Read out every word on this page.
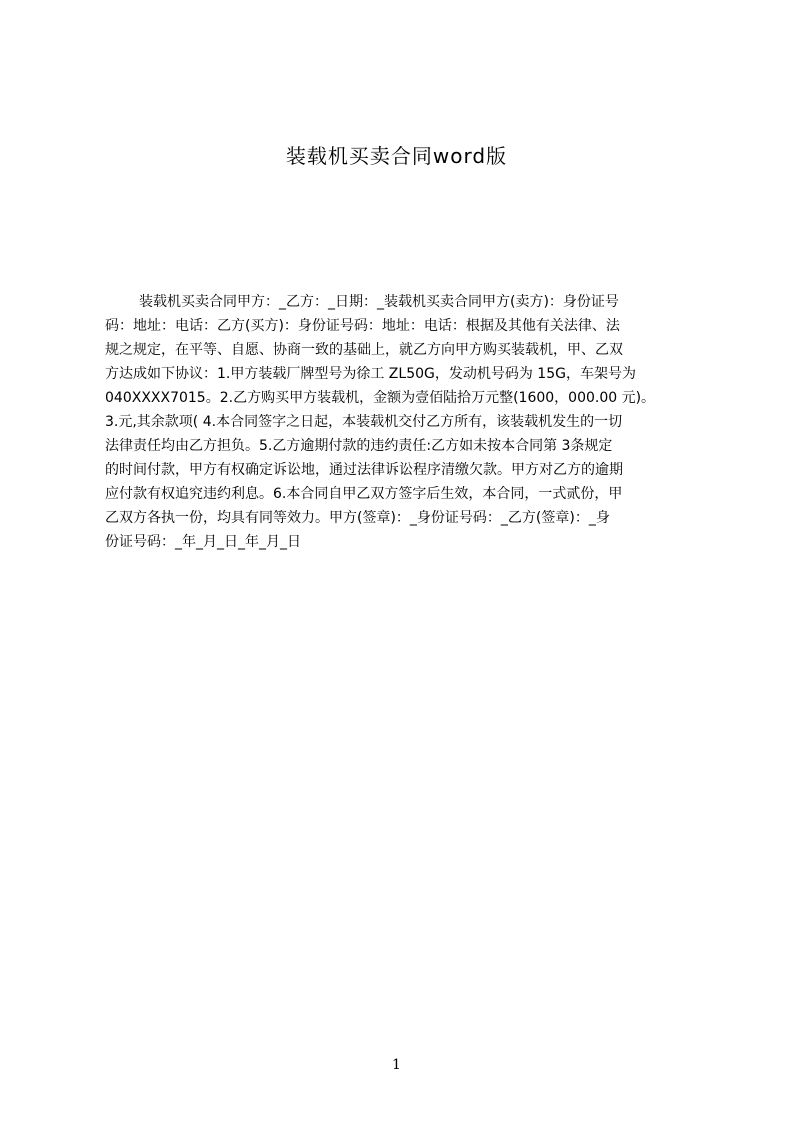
装载机买卖合同word版
装载机买卖合同甲方：_乙方：_日期：_装载机买卖合同甲方(卖方)：身份证号
码：地址：电话：乙方(买方)：身份证号码：地址：电话：根据及其他有关法律、法
规之规定，在平等、自愿、协商一致的基础上，就乙方向甲方购买装载机，甲、乙双
方达成如下协议：1.甲方装载厂牌型号为徐工 ZL50G，发动机号码为 15G，车架号为
040XXXX7015。2.乙方购买甲方装载机，金额为壹佰陆拾万元整(1600，000.00 元)。
3.元,其余款项( 4.本合同签字之日起，本装载机交付乙方所有，该装载机发生的一切
法律责任均由乙方担负。5.乙方逾期付款的违约责任:乙方如未按本合同第 3条规定
的时间付款，甲方有权确定诉讼地，通过法律诉讼程序清缴欠款。甲方对乙方的逾期
应付款有权追究违约利息。6.本合同自甲乙双方签字后生效，本合同，一式贰份，甲
乙双方各执一份，均具有同等效力。甲方(签章)：_身份证号码：_乙方(签章)：_身
份证号码：_年_月_日_年_月_日
1
